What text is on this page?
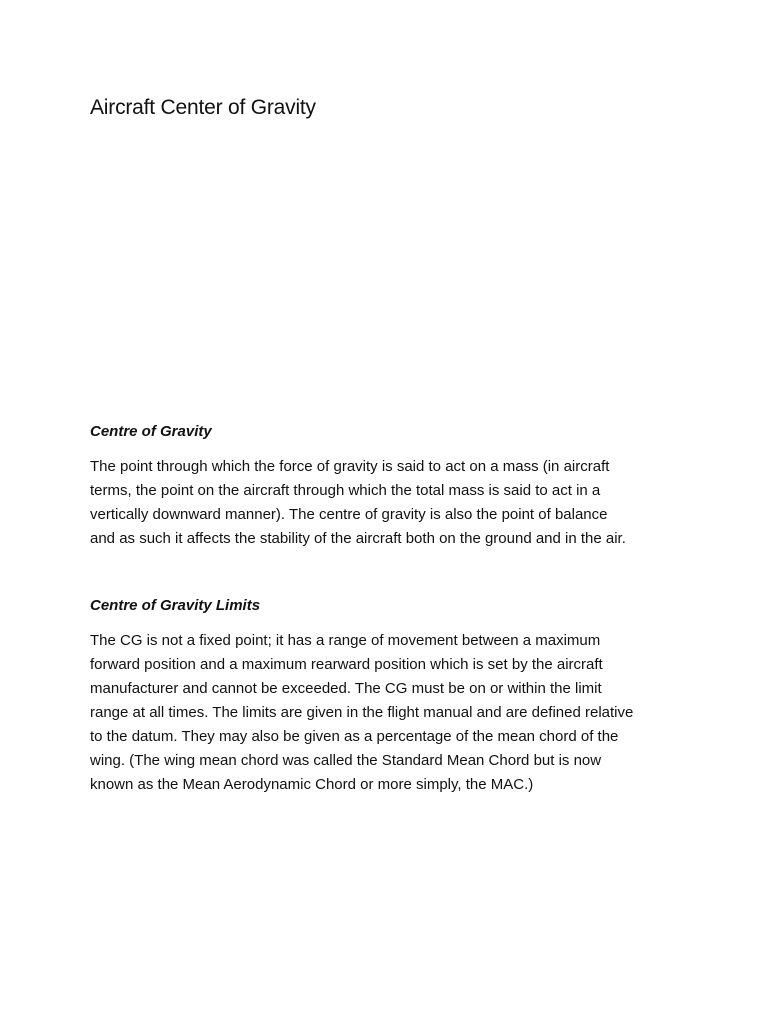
Aircraft Center of Gravity
Centre of Gravity

The point through which the force of gravity is said to act on a mass (in aircraft
terms, the point on the aircraft through which the total mass is said to act in a
vertically downward manner). The centre of gravity is also the point of balance
and as such it affects the stability of the aircraft both on the ground and in the air.

Centre of Gravity Limits

The CG is not a fixed point; it has a range of movement between a maximum
forward position and a maximum rearward position which is set by the aircraft
manufacturer and cannot be exceeded. The CG must be on or within the limit
range at all times. The limits are given in the flight manual and are defined relative
to the datum. They may also be given as a percentage of the mean chord of the
wing. (The wing mean chord was called the Standard Mean Chord but is now
known as the Mean Aerodynamic Chord or more simply, the MAC.)
